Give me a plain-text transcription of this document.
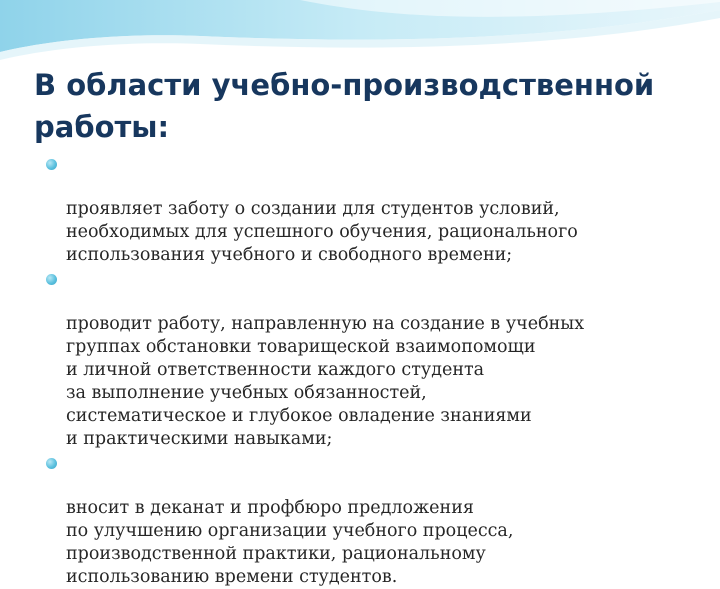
В области учебно-производственной работы:

проявляет заботу о создании для студентов условий,
необходимых для успешного обучения, рационального
использования учебного и свободного времени;

проводит работу, направленную на создание в учебных
группах обстановки товарищеской взаимопомощи
и личной ответственности каждого студента
за выполнение учебных обязанностей,
систематическое и глубокое овладение знаниями
и практическими навыками;

вносит в деканат и профбюро предложения
по улучшению организации учебного процесса,
производственной практики, рациональному
использованию времени студентов.
